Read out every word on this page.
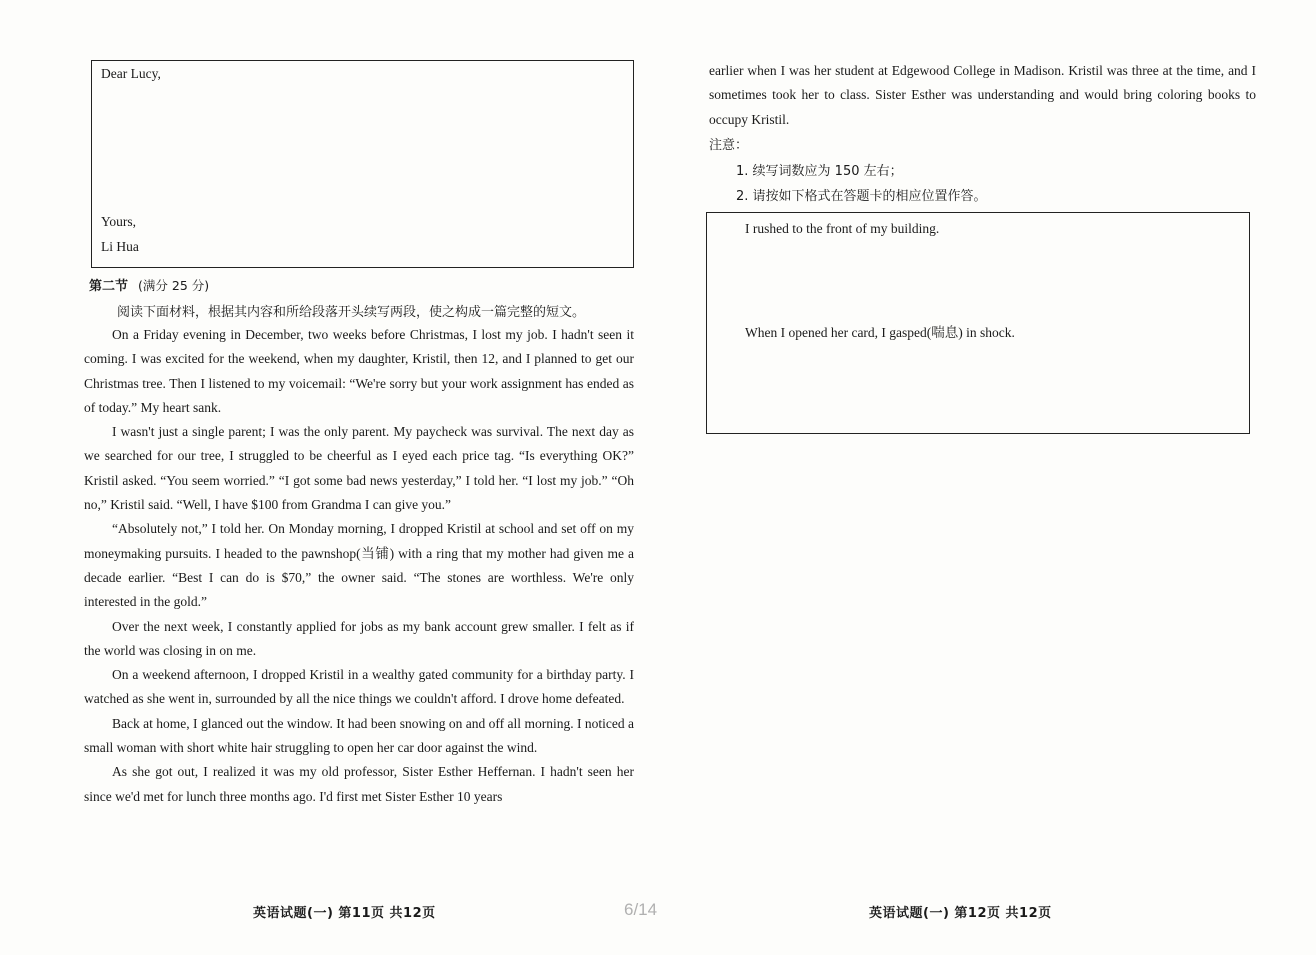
Dear Lucy,
Yours,
Li Hua
第二节 (满分 25 分)
阅读下面材料，根据其内容和所给段落开头续写两段，使之构成一篇完整的短文。

On a Friday evening in December, two weeks before Christmas, I lost my job. I hadn't seen it coming. I was excited for the weekend, when my daughter, Kristil, then 12, and I planned to get our Christmas tree. Then I listened to my voicemail: “We're sorry but your work assignment has ended as of today.” My heart sank.

I wasn't just a single parent; I was the only parent. My paycheck was survival. The next day as we searched for our tree, I struggled to be cheerful as I eyed each price tag. “Is everything OK?” Kristil asked. “You seem worried.” “I got some bad news yesterday,” I told her. “I lost my job.” “Oh no,” Kristil said. “Well, I have $100 from Grandma I can give you.”

“Absolutely not,” I told her. On Monday morning, I dropped Kristil at school and set off on my moneymaking pursuits. I headed to the pawnshop(当铺) with a ring that my mother had given me a decade earlier. “Best I can do is $70,” the owner said. “The stones are worthless. We're only interested in the gold.”

Over the next week, I constantly applied for jobs as my bank account grew smaller. I felt as if the world was closing in on me.

On a weekend afternoon, I dropped Kristil in a wealthy gated community for a birthday party. I watched as she went in, surrounded by all the nice things we couldn't afford. I drove home defeated.

Back at home, I glanced out the window. It had been snowing on and off all morning. I noticed a small woman with short white hair struggling to open her car door against the wind.

As she got out, I realized it was my old professor, Sister Esther Heffernan. I hadn't seen her since we'd met for lunch three months ago. I'd first met Sister Esther 10 years

英语试题(一) 第11页 共12页	6/14

earlier when I was her student at Edgewood College in Madison. Kristil was three at the time, and I sometimes took her to class. Sister Esther was understanding and would bring coloring books to occupy Kristil.

注意：
1. 续写词数应为 150 左右；
2. 请按如下格式在答题卡的相应位置作答。
I rushed to the front of my building.
When I opened her card, I gasped(喘息) in shock.
英语试题(一) 第12页 共12页
